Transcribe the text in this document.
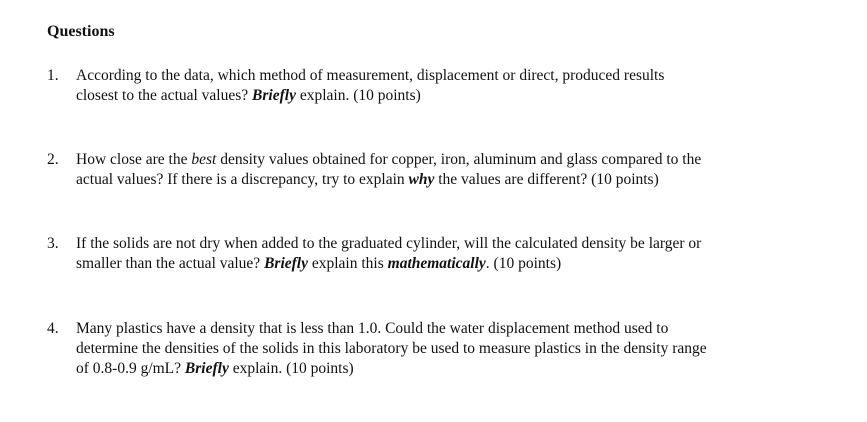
Questions
1.	According to the data, which method of measurement, displacement or direct, produced results
closest to the actual values? Briefly explain. (10 points)
2.	How close are the best density values obtained for copper, iron, aluminum and glass compared to the
actual values? If there is a discrepancy, try to explain why the values are different? (10 points)
3.	If the solids are not dry when added to the graduated cylinder, will the calculated density be larger or
smaller than the actual value? Briefly explain this mathematically. (10 points)
4.	Many plastics have a density that is less than 1.0. Could the water displacement method used to
determine the densities of the solids in this laboratory be used to measure plastics in the density range
of 0.8-0.9 g/mL? Briefly explain. (10 points)
